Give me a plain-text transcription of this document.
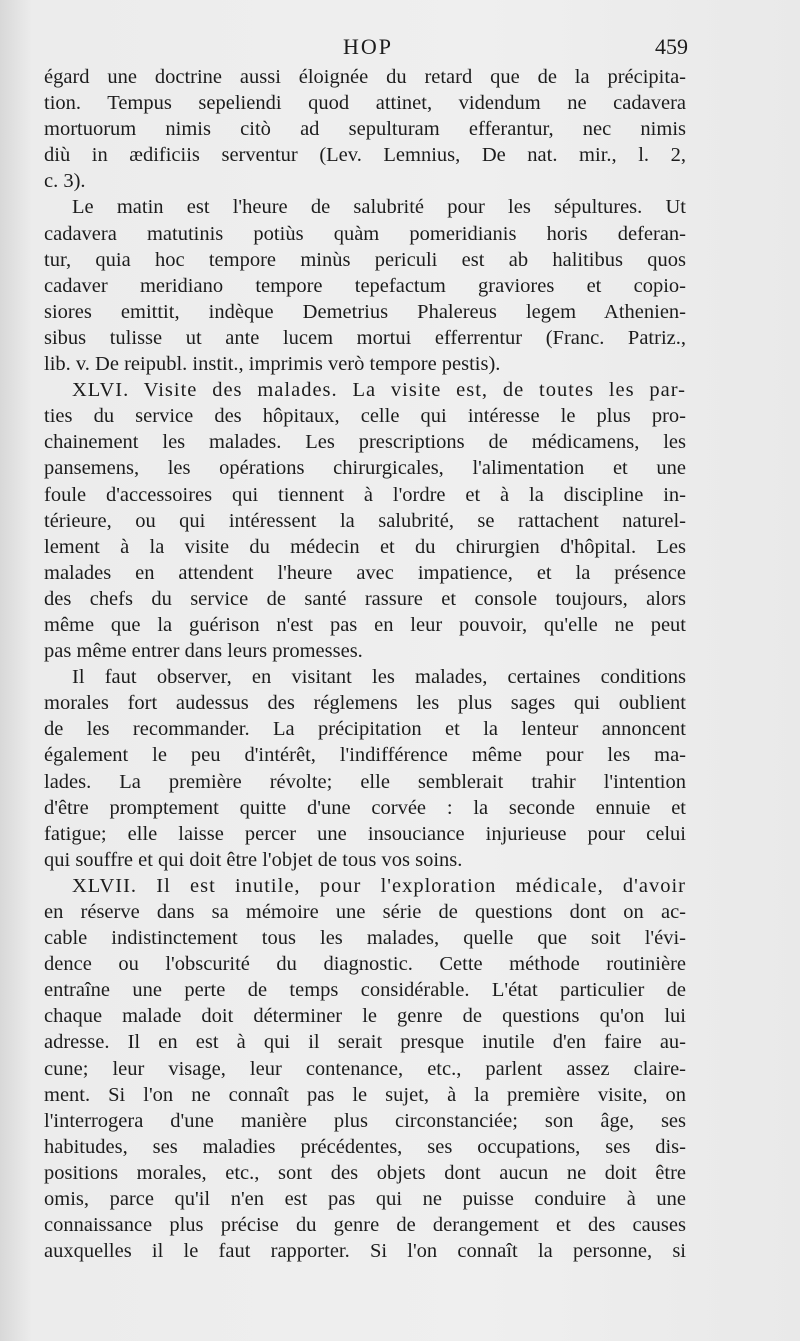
HOP	459
égard une doctrine aussi éloignée du retard que de la précipita-
tion. Tempus sepeliendi quod attinet, videndum ne cadavera
mortuorum nimis citò ad sepulturam efferantur, nec nimis
diù in ædificiis serventur (Lev. Lemnius, De nat. mir., l. 2,
c. 3).
Le matin est l'heure de salubrité pour les sépultures. Ut
cadavera matutinis potiùs quàm pomeridianis horis deferan-
tur, quia hoc tempore minùs periculi est ab halitibus quos
cadaver meridiano tempore tepefactum graviores et copio-
siores emittit, indèque Demetrius Phalereus legem Athenien-
sibus tulisse ut ante lucem mortui efferrentur (Franc. Patriz.,
lib. v. De reipubl. instit., imprimis verò tempore pestis).
XLVI. Visite des malades. La visite est, de toutes les par-
ties du service des hôpitaux, celle qui intéresse le plus pro-
chainement les malades. Les prescriptions de médicamens, les
pansemens, les opérations chirurgicales, l'alimentation et une
foule d'accessoires qui tiennent à l'ordre et à la discipline in-
térieure, ou qui intéressent la salubrité, se rattachent naturel-
lement à la visite du médecin et du chirurgien d'hôpital. Les
malades en attendent l'heure avec impatience, et la présence
des chefs du service de santé rassure et console toujours, alors
même que la guérison n'est pas en leur pouvoir, qu'elle ne peut
pas même entrer dans leurs promesses.
Il faut observer, en visitant les malades, certaines conditions
morales fort audessus des réglemens les plus sages qui oublient
de les recommander. La précipitation et la lenteur annoncent
également le peu d'intérêt, l'indifférence même pour les ma-
lades. La première révolte; elle semblerait trahir l'intention
d'être promptement quitte d'une corvée : la seconde ennuie et
fatigue; elle laisse percer une insouciance injurieuse pour celui
qui souffre et qui doit être l'objet de tous vos soins.
XLVII. Il est inutile, pour l'exploration médicale, d'avoir
en réserve dans sa mémoire une série de questions dont on ac-
cable indistinctement tous les malades, quelle que soit l'évi-
dence ou l'obscurité du diagnostic. Cette méthode routinière
entraîne une perte de temps considérable. L'état particulier de
chaque malade doit déterminer le genre de questions qu'on lui
adresse. Il en est à qui il serait presque inutile d'en faire au-
cune; leur visage, leur contenance, etc., parlent assez claire-
ment. Si l'on ne connaît pas le sujet, à la première visite, on
l'interrogera d'une manière plus circonstanciée; son âge, ses
habitudes, ses maladies précédentes, ses occupations, ses dis-
positions morales, etc., sont des objets dont aucun ne doit être
omis, parce qu'il n'en est pas qui ne puisse conduire à une
connaissance plus précise du genre de derangement et des causes
auxquelles il le faut rapporter. Si l'on connaît la personne, si
